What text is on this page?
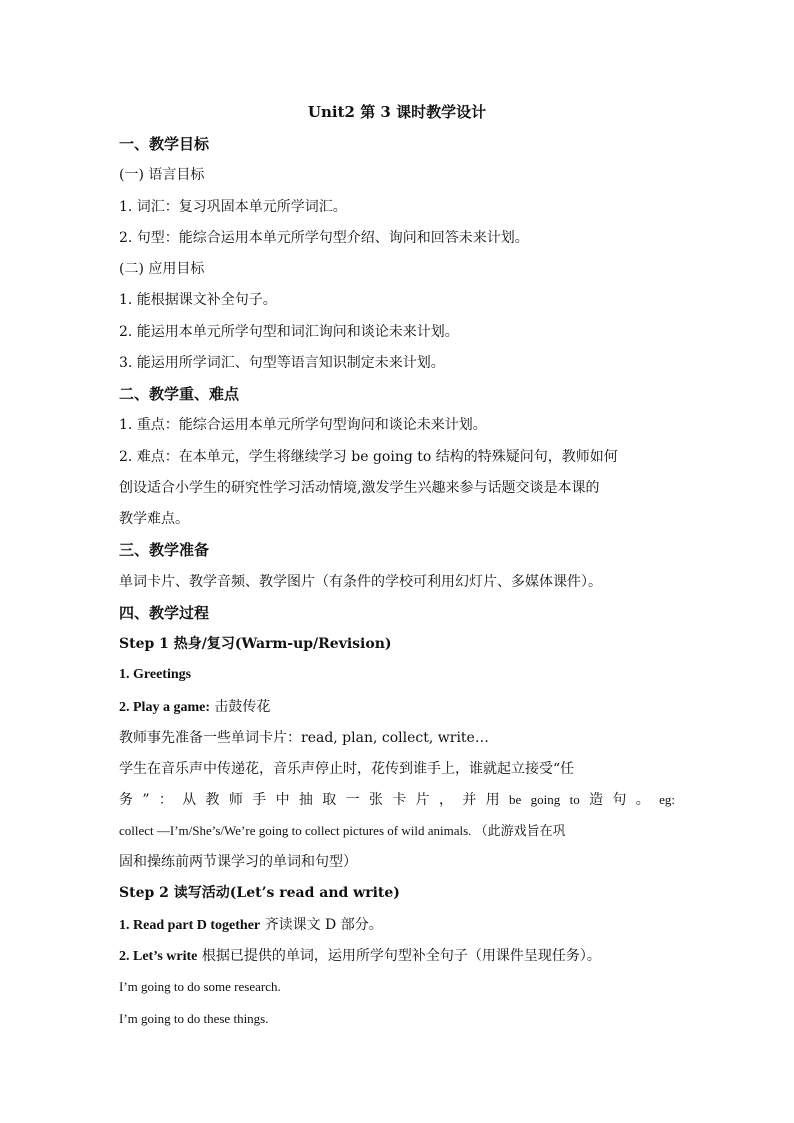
Unit2 第 3 课时教学设计
一、教学目标
(一) 语言目标
1. 词汇：复习巩固本单元所学词汇。
2. 句型：能综合运用本单元所学句型介绍、询问和回答未来计划。
(二) 应用目标
1. 能根据课文补全句子。
2. 能运用本单元所学句型和词汇询问和谈论未来计划。
3. 能运用所学词汇、句型等语言知识制定未来计划。
二、教学重、难点
1. 重点：能综合运用本单元所学句型询问和谈论未来计划。
2. 难点：在本单元，学生将继续学习 be going to 结构的特殊疑问句，教师如何
创设适合小学生的研究性学习活动情境,激发学生兴趣来参与话题交谈是本课的
教学难点。
三、教学准备
单词卡片、教学音频、教学图片（有条件的学校可利用幻灯片、多媒体课件）。
四、教学过程
Step 1 热身/复习(Warm-up/Revision)
1. Greetings
2. Play a game: 击鼓传花
教师事先准备一些单词卡片：read, plan, collect, write…
学生在音乐声中传递花，音乐声停止时，花传到谁手上，谁就起立接受“任
务 ” ： 从 教 师 手 中 抽 取 一 张 卡 片 ， 并 用 be going to 造 句 。 eg:
collect —I’m/She’s/We’re going to collect pictures of wild animals. （此游戏旨在巩
固和操练前两节课学习的单词和句型）
Step 2 读写活动(Let’s read and write)
1. Read part D together 齐读课文 D 部分。
2. Let’s write 根据已提供的单词，运用所学句型补全句子（用课件呈现任务）。
I’m going to do some research.
I’m going to do these things.
